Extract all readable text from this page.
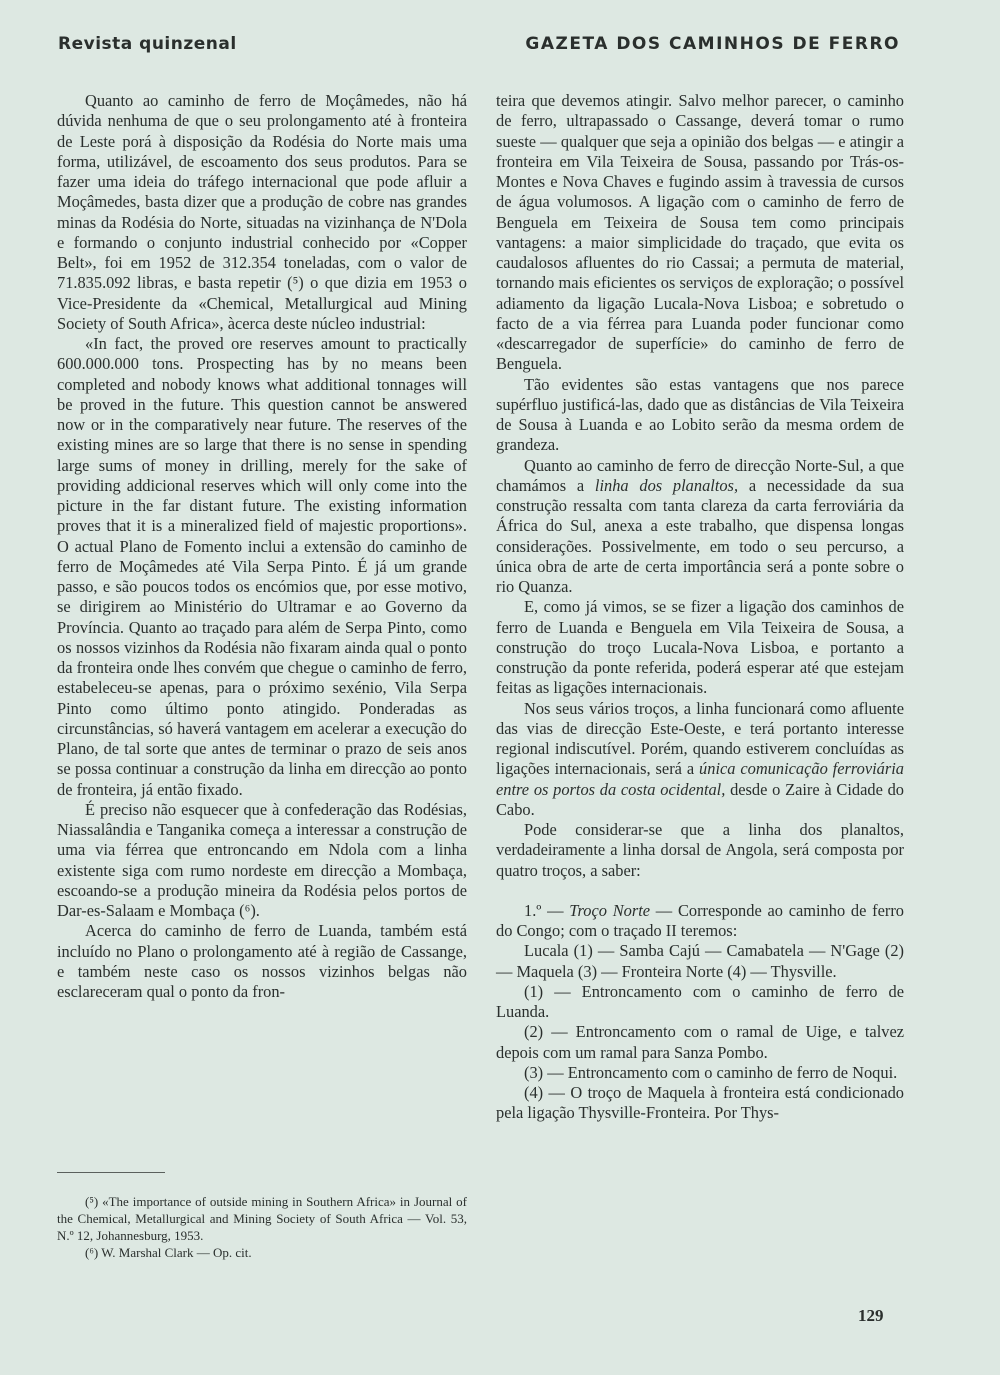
Revista quinzenal	GAZETA DOS CAMINHOS DE FERRO

Quanto ao caminho de ferro de Moçâmedes, não há dúvida nenhuma de que o seu prolongamento até à fronteira de Leste porá à disposição da Rodésia do Norte mais uma forma, utilizável, de escoamento dos seus produtos. Para se fazer uma ideia do tráfego internacional que pode afluir a Moçâmedes, basta dizer que a produção de cobre nas grandes minas da Rodésia do Norte, situadas na vizinhança de N'Dola e formando o conjunto industrial conhecido por «Copper Belt», foi em 1952 de 312.354 toneladas, com o valor de 71.835.092 libras, e basta repetir (⁵) o que dizia em 1953 o Vice-Presidente da «Chemical, Metallurgical aud Mining Society of South Africa», àcerca deste núcleo industrial:

«In fact, the proved ore reserves amount to practically 600.000.000 tons. Prospecting has by no means been completed and nobody knows what additional tonnages will be proved in the future. This question cannot be answered now or in the comparatively near future. The reserves of the existing mines are so large that there is no sense in spending large sums of money in drilling, merely for the sake of providing addicional reserves which will only come into the picture in the far distant future. The existing information proves that it is a mineralized field of majestic proportions». O actual Plano de Fomento inclui a extensão do caminho de ferro de Moçâmedes até Vila Serpa Pinto. É já um grande passo, e são poucos todos os encómios que, por esse motivo, se dirigirem ao Ministério do Ultramar e ao Governo da Província. Quanto ao traçado para além de Serpa Pinto, como os nossos vizinhos da Rodésia não fixaram ainda qual o ponto da fronteira onde lhes convém que chegue o caminho de ferro, estabeleceu-se apenas, para o próximo sexénio, Vila Serpa Pinto como último ponto atingido. Ponderadas as circunstâncias, só haverá vantagem em acelerar a execução do Plano, de tal sorte que antes de terminar o prazo de seis anos se possa continuar a construção da linha em direcção ao ponto de fronteira, já então fixado.

É preciso não esquecer que à confederação das Rodésias, Niassalândia e Tanganika começa a interessar a construção de uma via férrea que entroncando em Ndola com a linha existente siga com rumo nordeste em direcção a Mombaça, escoando-se a produção mineira da Rodésia pelos portos de Dar-es-Salaam e Mombaça (⁶).

Acerca do caminho de ferro de Luanda, também está incluído no Plano o prolongamento até à região de Cassange, e também neste caso os nossos vizinhos belgas não esclareceram qual o ponto da fron-

(⁵) «The importance of outside mining in Southern Africa» in Journal of the Chemical, Metallurgical and Mining Society of South Africa — Vol. 53, N.º 12, Johannesburg, 1953.

(⁶) W. Marshal Clark — Op. cit.

teira que devemos atingir. Salvo melhor parecer, o caminho de ferro, ultrapassado o Cassange, deverá tomar o rumo sueste — qualquer que seja a opinião dos belgas — e atingir a fronteira em Vila Teixeira de Sousa, passando por Trás-os-Montes e Nova Chaves e fugindo assim à travessia de cursos de água volumosos. A ligação com o caminho de ferro de Benguela em Teixeira de Sousa tem como principais vantagens: a maior simplicidade do traçado, que evita os caudalosos afluentes do rio Cassai; a permuta de material, tornando mais eficientes os serviços de exploração; o possível adiamento da ligação Lucala-Nova Lisboa; e sobretudo o facto de a via férrea para Luanda poder funcionar como «descarregador de superfície» do caminho de ferro de Benguela.

Tão evidentes são estas vantagens que nos parece supérfluo justificá-las, dado que as distâncias de Vila Teixeira de Sousa à Luanda e ao Lobito serão da mesma ordem de grandeza.

Quanto ao caminho de ferro de direcção Norte-Sul, a que chamámos a linha dos planaltos, a necessidade da sua construção ressalta com tanta clareza da carta ferroviária da África do Sul, anexa a este trabalho, que dispensa longas considerações. Possivelmente, em todo o seu percurso, a única obra de arte de certa importância será a ponte sobre o rio Quanza.

E, como já vimos, se se fizer a ligação dos caminhos de ferro de Luanda e Benguela em Vila Teixeira de Sousa, a construção do troço Lucala-Nova Lisboa, e portanto a construção da ponte referida, poderá esperar até que estejam feitas as ligações internacionais.

Nos seus vários troços, a linha funcionará como afluente das vias de direcção Este-Oeste, e terá portanto interesse regional indiscutível. Porém, quando estiverem concluídas as ligações internacionais, será a única comunicação ferroviária entre os portos da costa ocidental, desde o Zaire à Cidade do Cabo.

Pode considerar-se que a linha dos planaltos, verdadeiramente a linha dorsal de Angola, será composta por quatro troços, a saber:

1.º — Troço Norte — Corresponde ao caminho de ferro do Congo; com o traçado II teremos:

Lucala (1) — Samba Cajú — Camabatela — N'Gage (2) — Maquela (3) — Fronteira Norte (4) — Thysville.

(1) — Entroncamento com o caminho de ferro de Luanda.

(2) — Entroncamento com o ramal de Uige, e talvez depois com um ramal para Sanza Pombo.

(3) — Entroncamento com o caminho de ferro de Noqui.

(4) — O troço de Maquela à fronteira está condicionado pela ligação Thysville-Fronteira. Por Thys-

129
